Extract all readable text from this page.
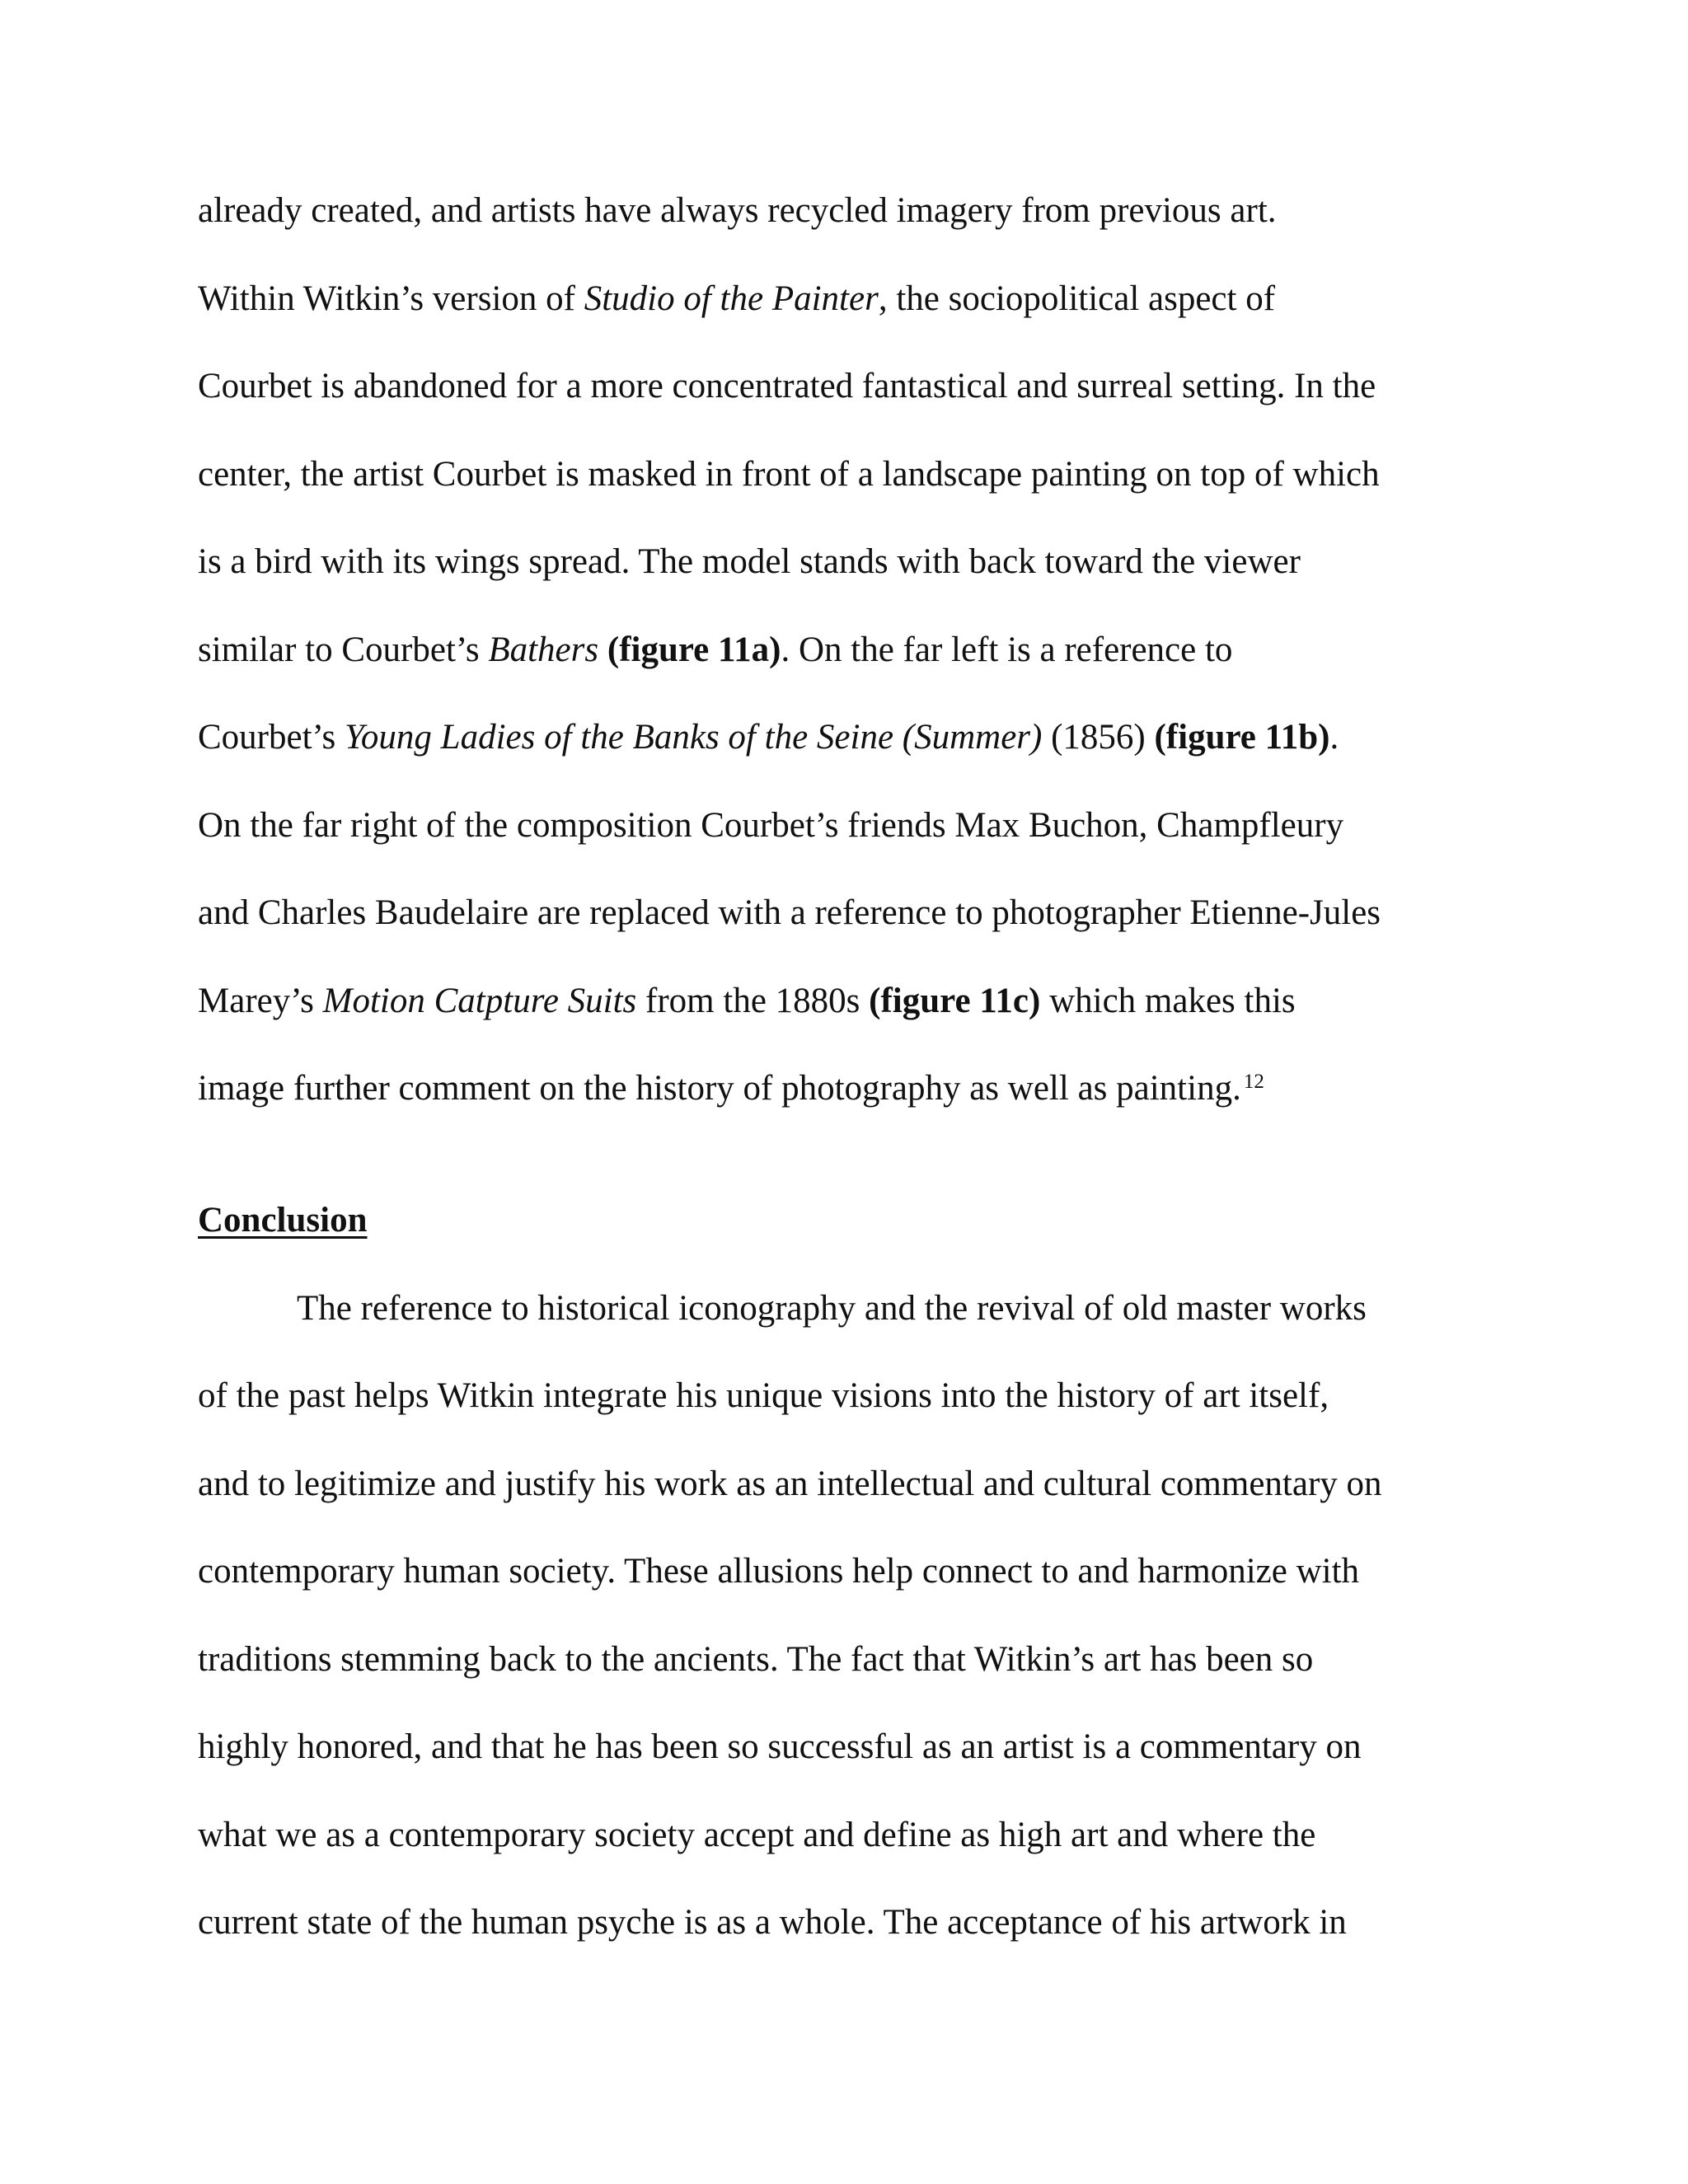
already created, and artists have always recycled imagery from previous art.
Within Witkin’s version of Studio of the Painter, the sociopolitical aspect of
Courbet is abandoned for a more concentrated fantastical and surreal setting. In the
center, the artist Courbet is masked in front of a landscape painting on top of which
is a bird with its wings spread. The model stands with back toward the viewer
similar to Courbet’s Bathers (figure 11a). On the far left is a reference to
Courbet’s Young Ladies of the Banks of the Seine (Summer) (1856) (figure 11b).
On the far right of the composition Courbet’s friends Max Buchon, Champfleury
and Charles Baudelaire are replaced with a reference to photographer Etienne-Jules
Marey’s Motion Catpture Suits from the 1880s (figure 11c) which makes this
image further comment on the history of photography as well as painting. $^{12}$
Conclusion
The reference to historical iconography and the revival of old master works
of the past helps Witkin integrate his unique visions into the history of art itself,
and to legitimize and justify his work as an intellectual and cultural commentary on
contemporary human society. These allusions help connect to and harmonize with
traditions stemming back to the ancients. The fact that Witkin’s art has been so
highly honored, and that he has been so successful as an artist is a commentary on
what we as a contemporary society accept and define as high art and where the
current state of the human psyche is as a whole. The acceptance of his artwork in
